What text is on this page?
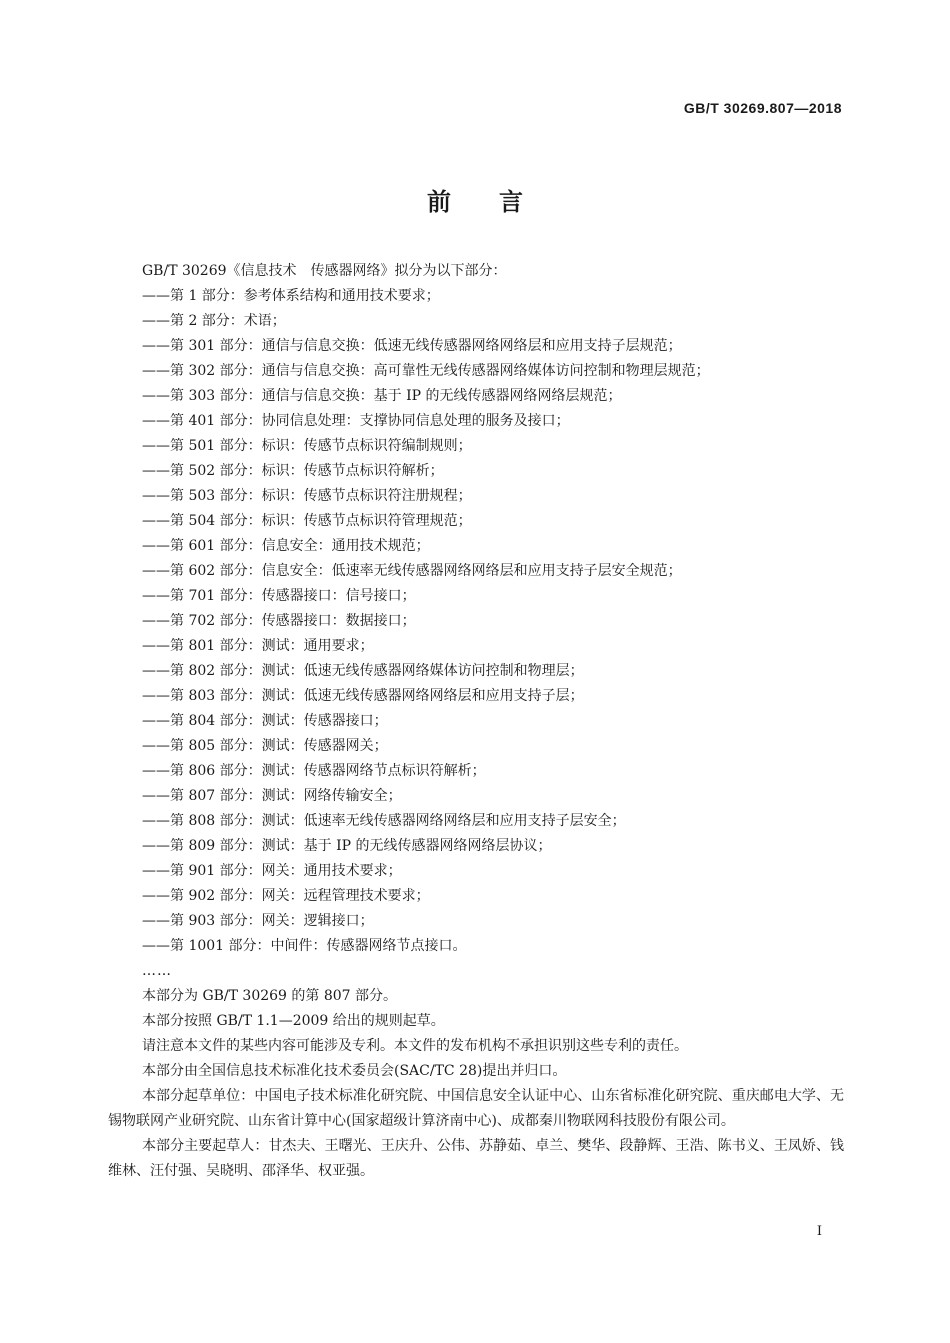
GB/T 30269.807—2018
前　　言

GB/T 30269《信息技术　传感器网络》拟分为以下部分：

——第 1 部分：参考体系结构和通用技术要求；

——第 2 部分：术语；

——第 301 部分：通信与信息交换：低速无线传感器网络网络层和应用支持子层规范；

——第 302 部分：通信与信息交换：高可靠性无线传感器网络媒体访问控制和物理层规范；

——第 303 部分：通信与信息交换：基于 IP 的无线传感器网络网络层规范；

——第 401 部分：协同信息处理：支撑协同信息处理的服务及接口；

——第 501 部分：标识：传感节点标识符编制规则；

——第 502 部分：标识：传感节点标识符解析；

——第 503 部分：标识：传感节点标识符注册规程；

——第 504 部分：标识：传感节点标识符管理规范；

——第 601 部分：信息安全：通用技术规范；

——第 602 部分：信息安全：低速率无线传感器网络网络层和应用支持子层安全规范；

——第 701 部分：传感器接口：信号接口；

——第 702 部分：传感器接口：数据接口；

——第 801 部分：测试：通用要求；

——第 802 部分：测试：低速无线传感器网络媒体访问控制和物理层；

——第 803 部分：测试：低速无线传感器网络网络层和应用支持子层；

——第 804 部分：测试：传感器接口；

——第 805 部分：测试：传感器网关；

——第 806 部分：测试：传感器网络节点标识符解析；

——第 807 部分：测试：网络传输安全；

——第 808 部分：测试：低速率无线传感器网络网络层和应用支持子层安全；

——第 809 部分：测试：基于 IP 的无线传感器网络网络层协议；

——第 901 部分：网关：通用技术要求；

——第 902 部分：网关：远程管理技术要求；

——第 903 部分：网关：逻辑接口；

——第 1001 部分：中间件：传感器网络节点接口。

……

本部分为 GB/T 30269 的第 807 部分。

本部分按照 GB/T 1.1—2009 给出的规则起草。

请注意本文件的某些内容可能涉及专利。本文件的发布机构不承担识别这些专利的责任。

本部分由全国信息技术标准化技术委员会(SAC/TC 28)提出并归口。

本部分起草单位：中国电子技术标准化研究院、中国信息安全认证中心、山东省标准化研究院、重庆邮电大学、无锡物联网产业研究院、山东省计算中心(国家超级计算济南中心)、成都秦川物联网科技股份有限公司。

本部分主要起草人：甘杰夫、王曙光、王庆升、公伟、苏静茹、卓兰、樊华、段静辉、王浩、陈书义、王凤娇、钱维林、汪付强、吴晓明、邵泽华、权亚强。

I
